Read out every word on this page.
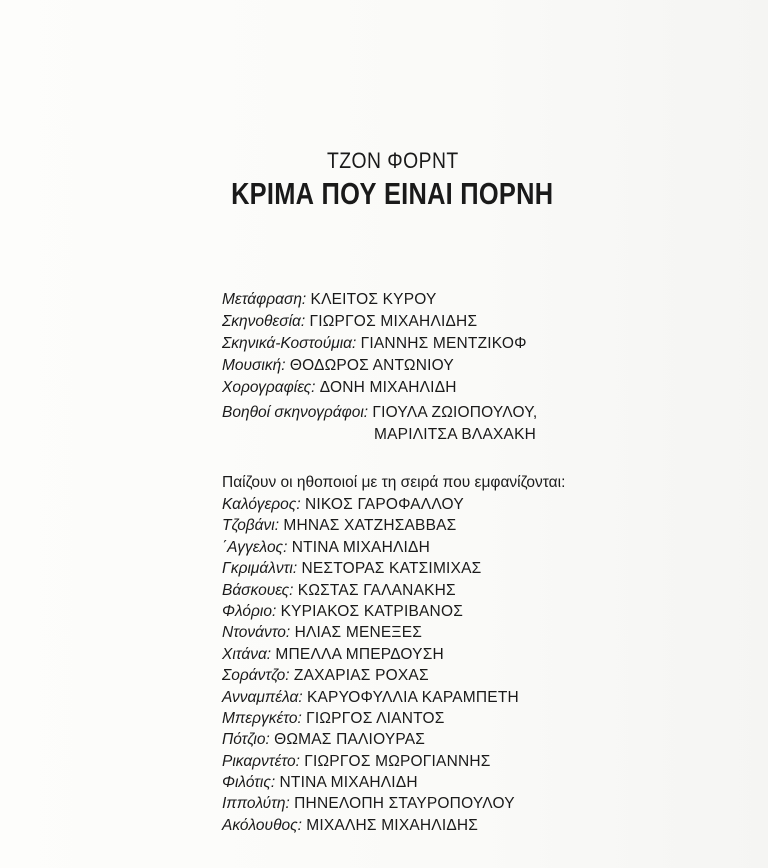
ΤΖΟΝ ΦΟΡΝΤ
ΚΡΙΜΑ ΠΟΥ ΕΙΝΑΙ ΠΟΡΝΗ
Μετάφραση: ΚΛΕΙΤΟΣ ΚΥΡΟΥ
Σκηνοθεσία: ΓΙΩΡΓΟΣ ΜΙΧΑΗΛΙΔΗΣ
Σκηνικά-Κοστούμια: ΓΙΑΝΝΗΣ ΜΕΝΤΖΙΚΟΦ
Μουσική: ΘΟΔΩΡΟΣ ΑΝΤΩΝΙΟΥ
Χορογραφίες: ΔΟΝΗ ΜΙΧΑΗΛΙΔΗ
Βοηθοί σκηνογράφοι: ΓΙΟΥΛΑ ΖΩΙΟΠΟΥΛΟΥ,
ΜΑΡΙΛΙΤΣΑ ΒΛΑΧΑΚΗ
Παίζουν οι ηθοποιοί με τη σειρά που εμφανίζονται:
Καλόγερος: ΝΙΚΟΣ ΓΑΡΟΦΑΛΛΟΥ
Τζοβάνι: ΜΗΝΑΣ ΧΑΤΖΗΣΑΒΒΑΣ
΄Αγγελος: ΝΤΙΝΑ ΜΙΧΑΗΛΙΔΗ
Γκριμάλντι: ΝΕΣΤΟΡΑΣ ΚΑΤΣΙΜΙΧΑΣ
Βάσκουες: ΚΩΣΤΑΣ ΓΑΛΑΝΑΚΗΣ
Φλόριο: ΚΥΡΙΑΚΟΣ ΚΑΤΡΙΒΑΝΟΣ
Ντονάντο: ΗΛΙΑΣ ΜΕΝΕΞΕΣ
Χιτάνα: ΜΠΕΛΛΑ ΜΠΕΡΔΟΥΣΗ
Σοράντζο: ΖΑΧΑΡΙΑΣ ΡΟΧΑΣ
Ανναμπέλα: ΚΑΡΥΟΦΥΛΛΙΑ ΚΑΡΑΜΠΕΤΗ
Μπεργκέτο: ΓΙΩΡΓΟΣ ΛΙΑΝΤΟΣ
Πότζιο: ΘΩΜΑΣ ΠΑΛΙΟΥΡΑΣ
Ρικαρντέτο: ΓΙΩΡΓΟΣ ΜΩΡΟΓΙΑΝΝΗΣ
Φιλότις: ΝΤΙΝΑ ΜΙΧΑΗΛΙΔΗ
Ιππολύτη: ΠΗΝΕΛΟΠΗ ΣΤΑΥΡΟΠΟΥΛΟΥ
Ακόλουθος: ΜΙΧΑΛΗΣ ΜΙΧΑΗΛΙΔΗΣ
